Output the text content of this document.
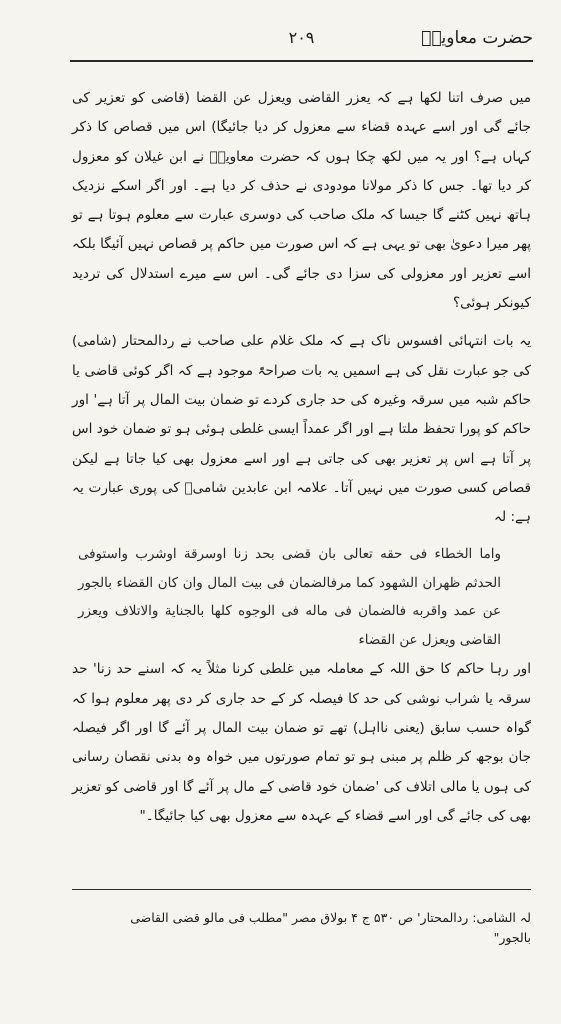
حضرت معاویہؓ
۲۰۹

میں صرف اتنا لکھا ہے کہ یعزر القاضی ویعزل عن القضا (قاضی کو تعزیر کی جائے گی اور اسے عہدہ قضاء سے معزول کر دیا جائیگا) اس میں قصاص کا ذکر کہاں ہے؟ اور یہ میں لکھ چکا ہوں کہ حضرت معاویہؓ نے ابن غیلان کو معزول کر دیا تھا۔ جس کا ذکر مولانا مودودی نے حذف کر دیا ہے۔ اور اگر اسکے نزدیک ہاتھ نہیں کٹنے گا جیسا کہ ملک صاحب کی دوسری عبارت سے معلوم ہوتا ہے تو پھر میرا دعویٰ بھی تو یہی ہے کہ اس صورت میں حاکم پر قصاص نہیں آئیگا بلکہ اسے تعزیر اور معزولی کی سزا دی جائے گی۔ اس سے میرے استدلال کی تردید کیونکر ہوئی؟

یہ بات انتہائی افسوس ناک ہے کہ ملک غلام علی صاحب نے ردالمحتار (شامی) کی جو عبارت نقل کی ہے اسمیں یہ بات صراحۃً موجود ہے کہ اگر کوئی قاضی یا حاکم شبہ میں سرقہ وغیرہ کی حد جاری کردے تو ضمان بیت المال پر آتا ہے' اور حاکم کو پورا تحفظ ملتا ہے اور اگر عمداً ایسی غلطی ہوئی ہو تو ضمان خود اس پر آتا ہے اس پر تعزیر بھی کی جاتی ہے اور اسے معزول بھی کیا جاتا ہے لیکن قصاص کسی صورت میں نہیں آتا۔ علامہ ابن عابدین شامیؒ کی پوری عبارت یہ ہے: لہ

واما الخطاء فی حقه تعالی بان قضی بحد زنا اوسرقة اوشرب واستوفی الحدثم ظهران الشهود کما مرفالضمان فی بیت المال وان کان القضاء بالجور عن عمد واقربه فالضمان فی ماله فی الوجوه کلها بالجنایة والاتلاف ویعزر القاضی ویعزل عن القضاء

اور رہا حاکم کا حق اللہ کے معاملہ میں غلطی کرنا مثلاً یہ کہ اسنے حد زنا' حد سرقہ یا شراب نوشی کی حد کا فیصلہ کر کے حد جاری کر دی پھر معلوم ہوا کہ گواہ حسب سابق (یعنی نااہل) تھے تو ضمان بیت المال پر آئے گا اور اگر فیصلہ جان بوجھ کر ظلم پر مبنی ہو تو تمام صورتوں میں خواہ وہ بدنی نقصان رسانی کی ہوں یا مالی اتلاف کی 'ضمان خود قاضی کے مال پر آئے گا اور قاضی کو تعزیر بھی کی جائے گی اور اسے قضاء کے عہدہ سے معزول بھی کیا جائیگا۔"

لہ الشامی: ردالمحتار' ص ۵۳۰ ج ۴ بولاق مصر "مطلب فی مالو قضی القاضی بالجور"
